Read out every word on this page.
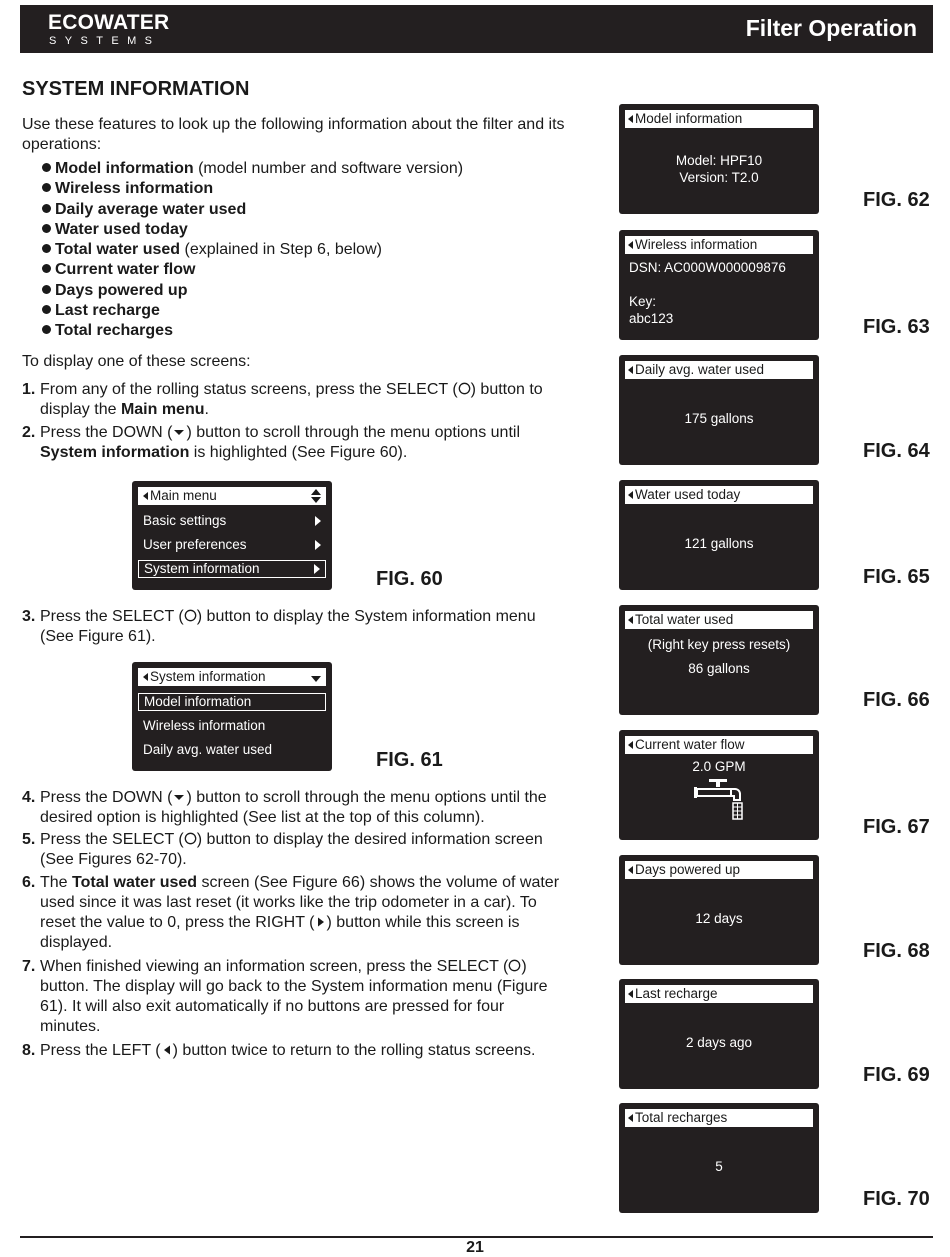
ECOWATER
SYSTEMS	Filter Operation
SYSTEM INFORMATION
Use these features to look up the following information about the filter and its operations:
Model information (model number and software version)
Wireless information
Daily average water used
Water used today
Total water used (explained in Step 6, below)
Current water flow
Days powered up
Last recharge
Total recharges
To display one of these screens:
1. From any of the rolling status screens, press the SELECT ( ) button to display the Main menu.
2. Press the DOWN ( ) button to scroll through the menu options until System information is highlighted (See Figure 60).
Main menu
Basic settings
User preferences
System information	FIG. 60
3. Press the SELECT ( ) button to display the System information menu (See Figure 61).
System information
Model information
Wireless information
Daily avg. water used	FIG. 61
4. Press the DOWN ( ) button to scroll through the menu options until the desired option is highlighted (See list at the top of this column).
5. Press the SELECT ( ) button to display the desired information screen (See Figures 62-70).
6. The Total water used screen (See Figure 66) shows the volume of water used since it was last reset (it works like the trip odometer in a car). To reset the value to 0, press the RIGHT ( ) button while this screen is displayed.
7. When finished viewing an information screen, press the SELECT ( ) button. The display will go back to the System information menu (Figure 61). It will also exit automatically if no buttons are pressed for four minutes.
8. Press the LEFT ( ) button twice to return to the rolling status screens.
Model information
Model: HPF10
Version: T2.0
FIG. 62
Wireless information
DSN: AC000W000009876
Key:
abc123	FIG. 63
Daily avg. water used
175 gallons
FIG. 64
Water used today
121 gallons
FIG. 65
Total water used
(Right key press resets)
86 gallons
FIG. 66
Current water flow
2.0 GPM
FIG. 67
Days powered up
12 days
FIG. 68
Last recharge
2 days ago
FIG. 69
Total recharges
5
FIG. 70
21
